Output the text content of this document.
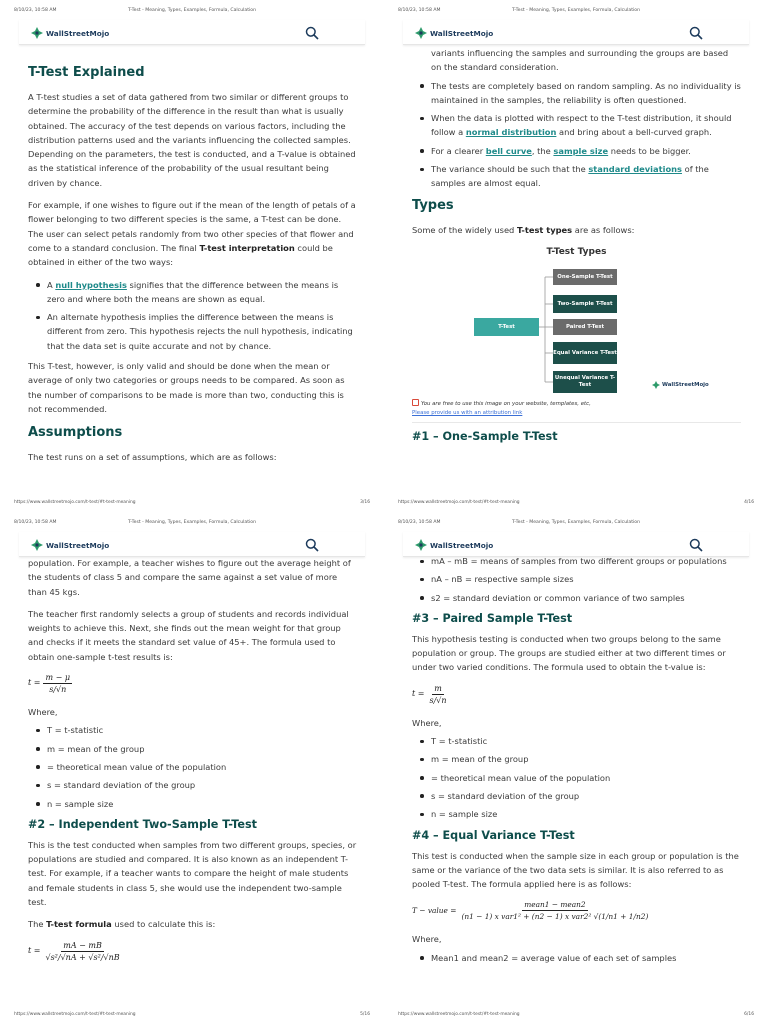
8/10/23, 10:58 AM	T-Test - Meaning, Types, Examples, Formula, Calculation
WallStreetMojo
T-Test Explained

A T-test studies a set of data gathered from two similar or different groups to determine the probability of the difference in the result than what is usually obtained. The accuracy of the test depends on various factors, including the distribution patterns used and the variants influencing the collected samples. Depending on the parameters, the test is conducted, and a T-value is obtained as the statistical inference of the probability of the usual resultant being driven by chance.

For example, if one wishes to figure out if the mean of the length of petals of a flower belonging to two different species is the same, a T-test can be done. The user can select petals randomly from two other species of that flower and come to a standard conclusion. The final T-test interpretation could be obtained in either of the two ways:

A null hypothesis signifies that the difference between the means is zero and where both the means are shown as equal.
An alternate hypothesis implies the difference between the means is different from zero. This hypothesis rejects the null hypothesis, indicating that the data set is quite accurate and not by chance.

This T-test, however, is only valid and should be done when the mean or average of only two categories or groups needs to be compared. As soon as the number of comparisons to be made is more than two, conducting this is not recommended.

Assumptions

The test runs on a set of assumptions, which are as follows:

https://www.wallstreetmojo.com/t-test/#t-test-meaning	3/16
8/10/23, 10:58 AM	T-Test - Meaning, Types, Examples, Formula, Calculation
WallStreetMojo

variants influencing the samples and surrounding the groups are based on the standard consideration.

The tests are completely based on random sampling. As no individuality is maintained in the samples, the reliability is often questioned.
When the data is plotted with respect to the T-test distribution, it should follow a normal distribution and bring about a bell-curved graph.
For a clearer bell curve, the sample size needs to be bigger.
The variance should be such that the standard deviations of the samples are almost equal.
Types

Some of the widely used T-test types are as follows:

T-Test Types
T-Test
One-Sample T-Test
Two-Sample T-Test
Paired T-Test
Equal Variance T-Test
Unequal Variance T-Test	WallStreetMojo
You are free to use this image on your website, templates, etc,
Please provide us with an attribution link
#1 – One-Sample T-Test
https://www.wallstreetmojo.com/t-test/#t-test-meaning	4/16
8/10/23, 10:58 AM	T-Test - Meaning, Types, Examples, Formula, Calculation
WallStreetMojo

population. For example, a teacher wishes to figure out the average height of the students of class 5 and compare the same against a set value of more than 45 kgs.

The teacher first randomly selects a group of students and records individual weights to achieve this. Next, she finds out the mean weight for that group and checks if it meets the standard set value of 45+. The formula used to obtain one-sample t-test results is:

$t = \frac{m - \mu}{s/√n}$

Where,

T = t-statistic
m = mean of the group
= theoretical mean value of the population
s = standard deviation of the group
n = sample size
#2 – Independent Two-Sample T-Test

This is the test conducted when samples from two different groups, species, or populations are studied and compared. It is also known as an independent T-test. For example, if a teacher wants to compare the height of male students and female students in class 5, she would use the independent two-sample test.

The T-test formula used to calculate this is:

$t = \frac{mA - mB}{\text{√s²/√nA + √s²/√nB}}$
https://www.wallstreetmojo.com/t-test/#t-test-meaning	5/16
8/10/23, 10:58 AM	T-Test - Meaning, Types, Examples, Formula, Calculation
WallStreetMojo
mA – mB = means of samples from two different groups or populations
nA – nB = respective sample sizes
s2 = standard deviation or common variance of two samples
#3 – Paired Sample T-Test

This hypothesis testing is conducted when two groups belong to the same population or group. The groups are studied either at two different times or under two varied conditions. The formula used to obtain the t-value is:

$t = \frac{m}{s/√n}$

Where,

T = t-statistic
m = mean of the group
= theoretical mean value of the population
s = standard deviation of the group
n = sample size
#4 – Equal Variance T-Test

This test is conducted when the sample size in each group or population is the same or the variance of the two data sets is similar. It is also referred to as pooled T-test. The formula applied here is as follows:

T − value = $\frac{\text{mean1 − mean2}}{\text{(n1 − 1) x var1² + (n2 − 1) x var2² √(1/n1 + 1/n2)}}$

Where,

Mean1 and mean2 = average value of each set of samples
https://www.wallstreetmojo.com/t-test/#t-test-meaning	6/16
